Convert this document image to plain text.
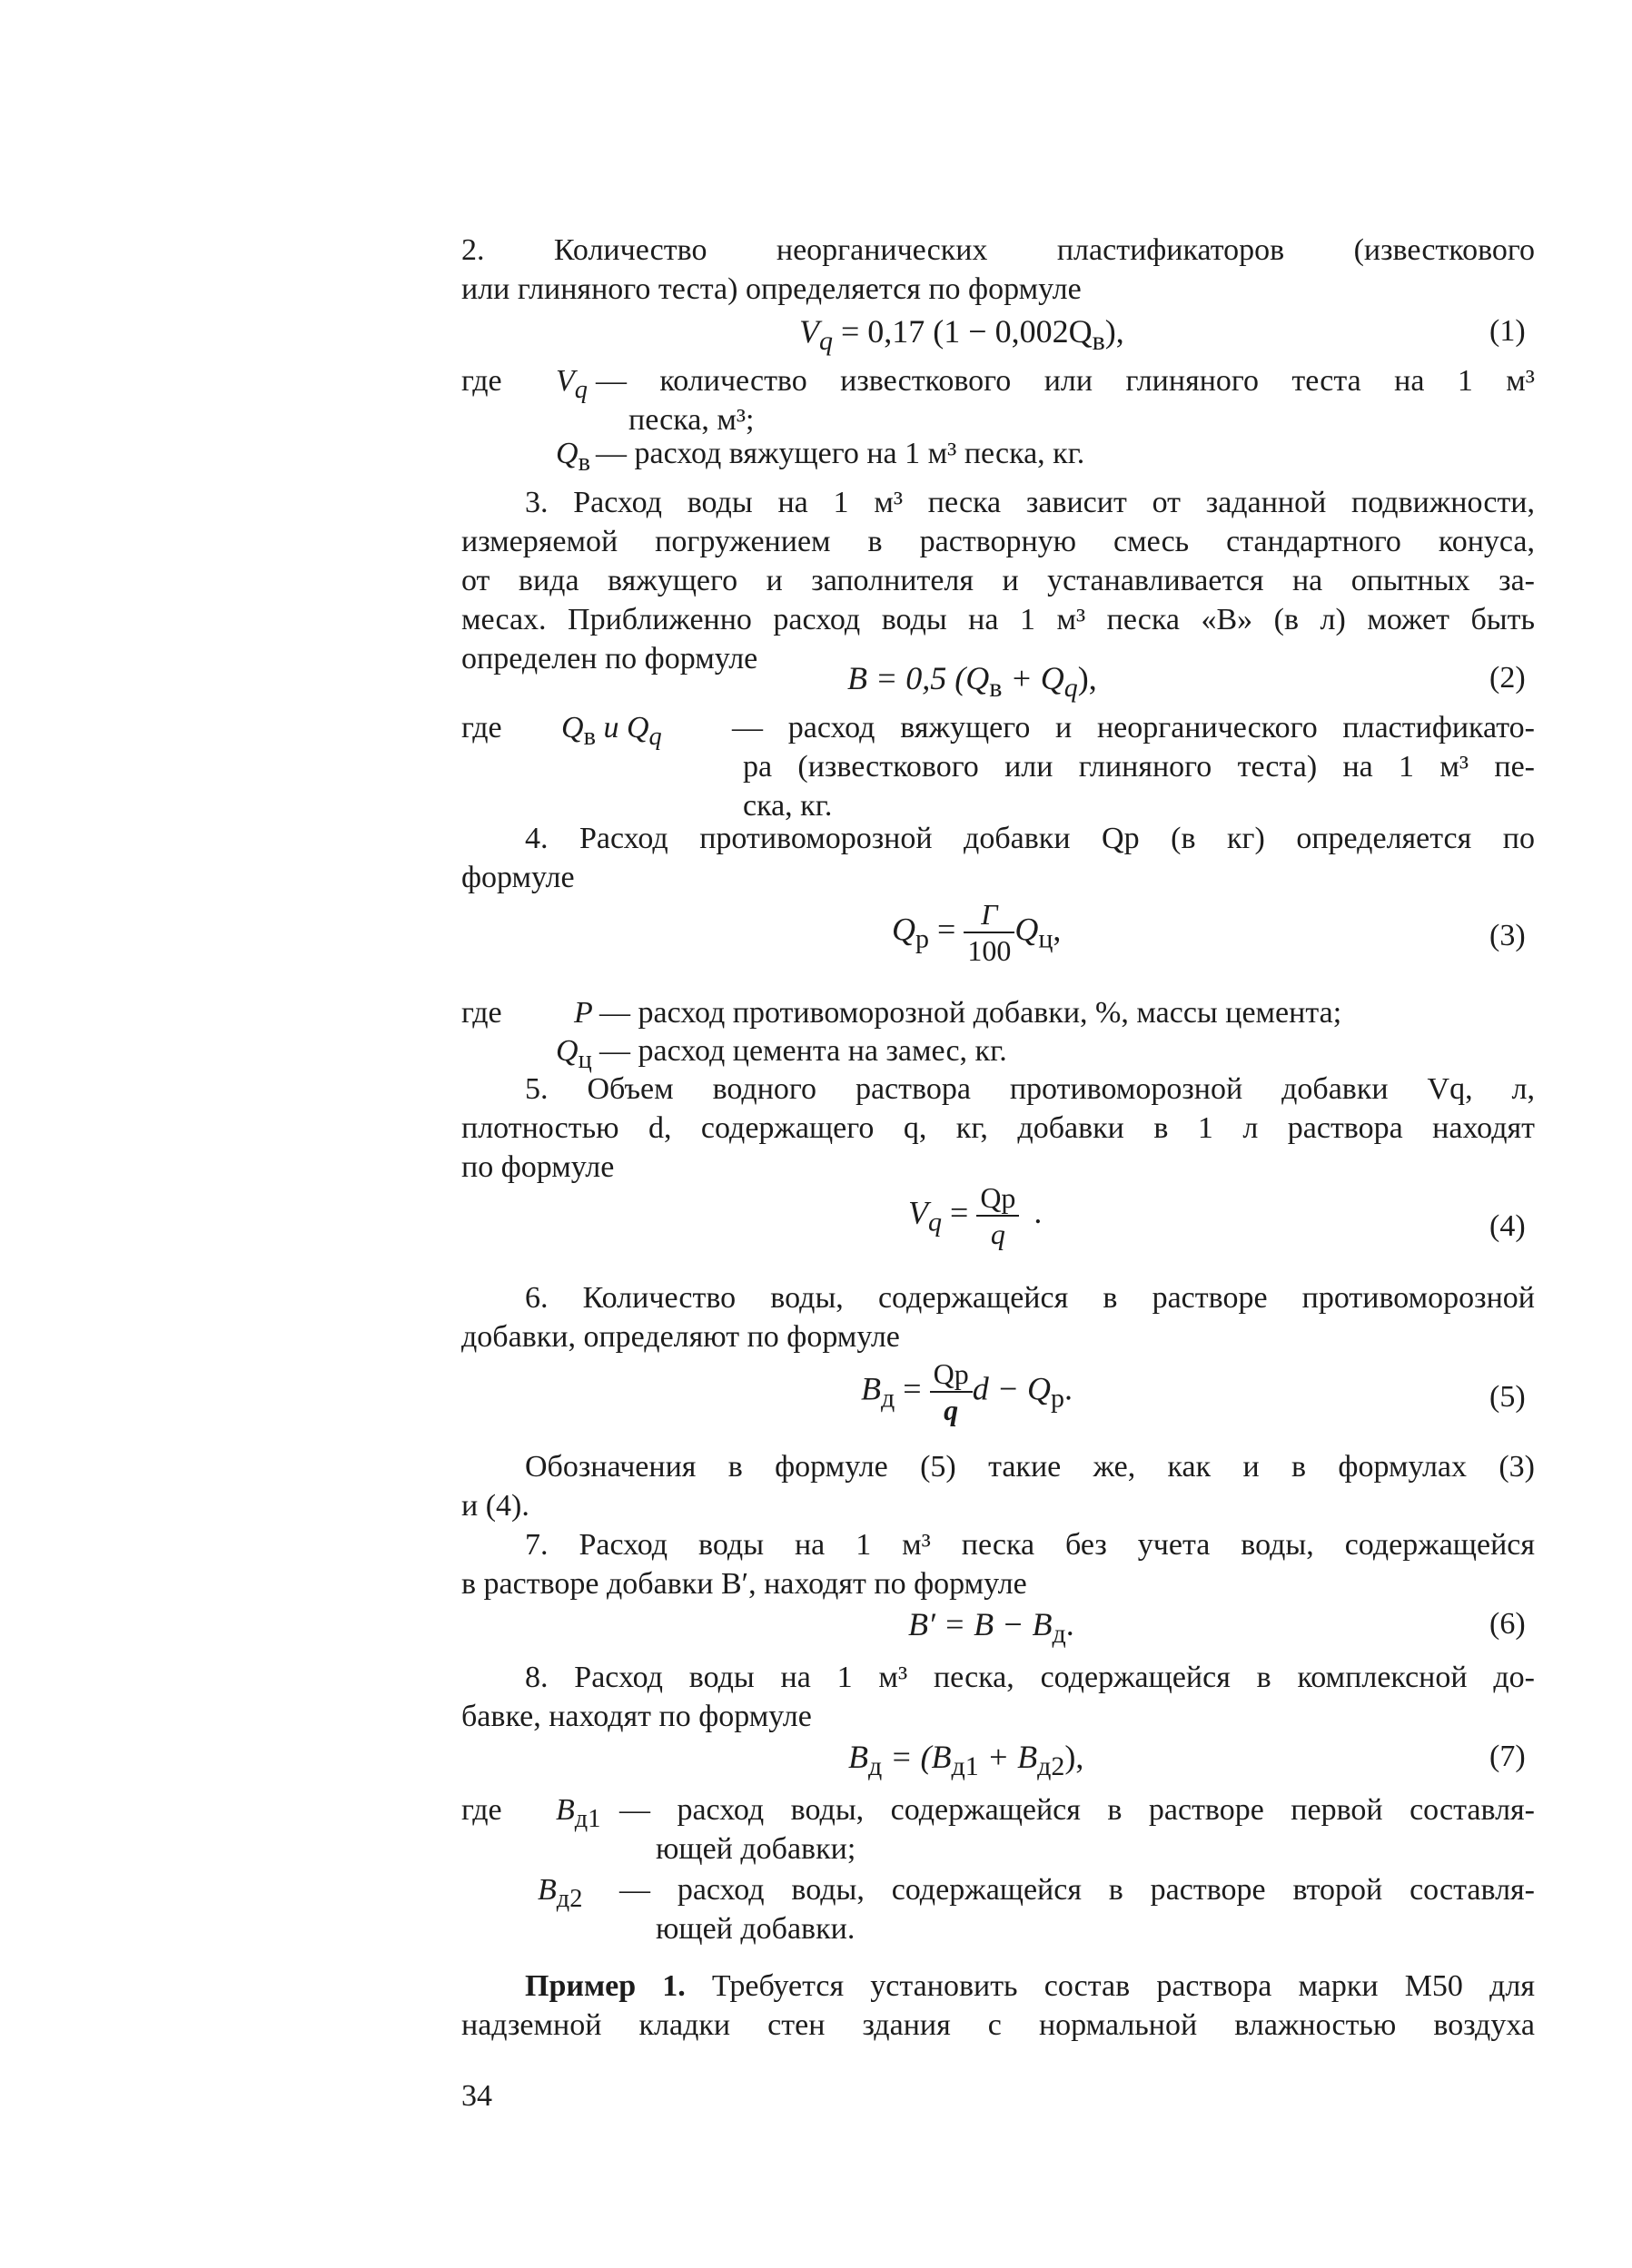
2. Количество неорганических пластификаторов (известкового
или глиняного теста) определяется по формуле
$V_q = 0,17$ $(1 - 0,002Q_в)$,	(1)
где $V_q$ — количество известкового или глиняного теста на 1 м³
песка, м³;
$Q_в$ — расход вяжущего на 1 м³ песка, кг.
3. Расход воды на 1 м³ песка зависит от заданной подвижности,
измеряемой погружением в растворную смесь стандартного конуса,
от вида вяжущего и заполнителя и устанавливается на опытных за-
месах. Приближенно расход воды на 1 м³ песка «В» (в л) может быть
определен по формуле
B = 0,5 $(Q_в + Q_q)$,	(2)
где $Q_в$ и $Q_q$ — расход вяжущего и неорганического пластификато-
ра (известкового или глиняного теста) на 1 м³ пе-
ска, кг.
4. Расход противоморозной добавки Qр (в кг) определяется по
формуле
$Q_р = \frac{Г}{100} Q_ц$,	(3)
где P — расход противоморозной добавки, %, массы цемента;
$Q_ц$ — расход цемента на замес, кг.
5. Объем водного раствора противоморозной добавки Vq, л,
плотностью d, содержащего q, кг, добавки в 1 л раствора находят
по формуле
$V_q = \frac{Qр}{q}$ .	(4)
6. Количество воды, содержащейся в растворе противоморозной
добавки, определяют по формуле
$B_д = \frac{Qр}{q}$ $d - Q_р$.	(5)
Обозначения в формуле (5) такие же, как и в формулах (3)
и (4).
7. Расход воды на 1 м³ песка без учета воды, содержащейся
в растворе добавки B′, находят по формуле
$B' = B - B_д$.	(6)
8. Расход воды на 1 м³ песка, содержащейся в комплексной до-
бавке, находят по формуле
$B_д = (B_{д1} + B_{д2})$,	(7)
где $B_{д1}$ — расход воды, содержащейся в растворе первой составля-
ющей добавки;
$B_{д2}$ — расход воды, содержащейся в растворе второй составля-
ющей добавки.
Пример 1. Требуется установить состав раствора марки М50 для
надземной кладки стен здания с нормальной влажностью воздуха
34
